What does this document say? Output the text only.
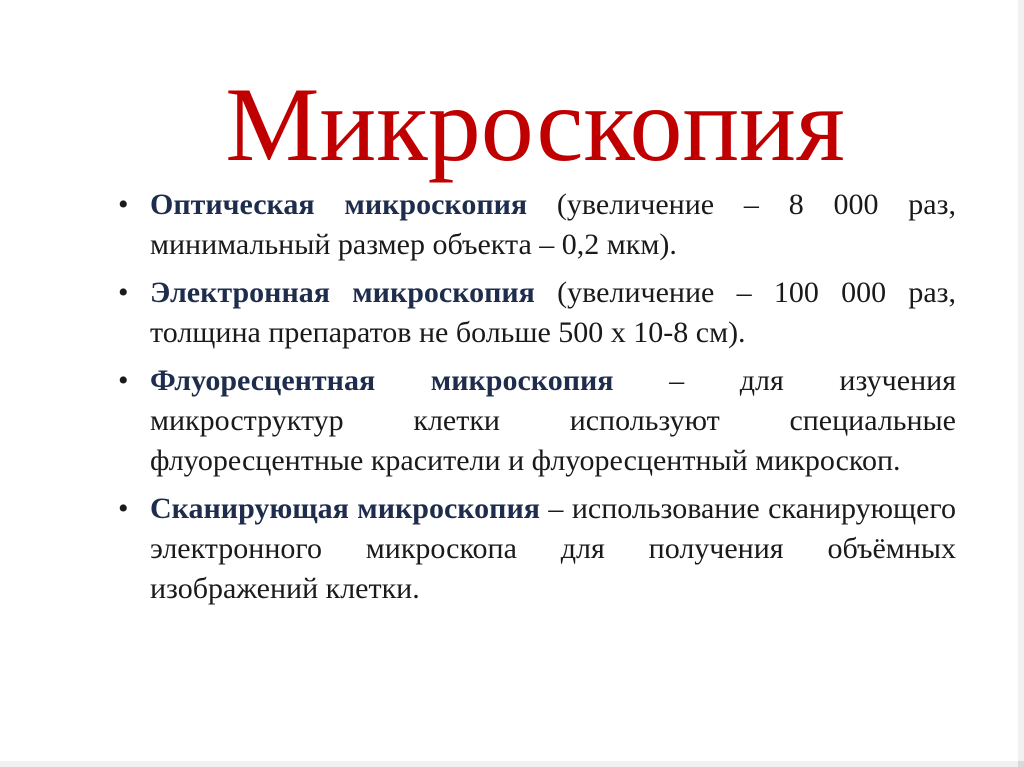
Микроскопия
• Оптическая микроскопия (увеличение – 8 000 раз, минимальный размер объекта – 0,2 мкм).
• Электронная микроскопия (увеличение – 100 000 раз, толщина препаратов не больше 500 х 10-8 см).
• Флуоресцентная микроскопия – для изучения микроструктур клетки используют специальные флуоресцентные красители и флуоресцентный микроскоп.
• Сканирующая микроскопия – использование сканирующего электронного микроскопа для получения объёмных изображений клетки.
